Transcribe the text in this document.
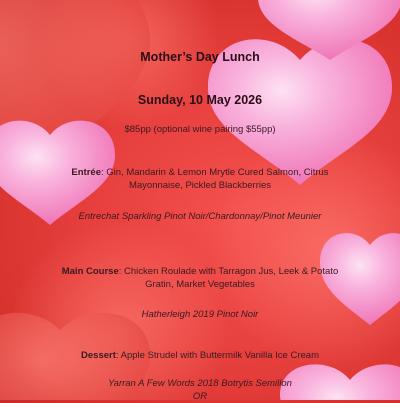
Mother’s Day Lunch

Sunday, 10 May 2026

$85pp (optional wine pairing $55pp)

Entrée: Gin, Mandarin & Lemon Mrytle Cured Salmon, Citrus Mayonnaise, Pickled Blackberries

Entrechat Sparkling Pinot Noir/Chardonnay/Pinot Meunier

Main Course: Chicken Roulade with Tarragon Jus, Leek & Potato Gratin, Market Vegetables

Hatherleigh 2019 Pinot Noir

Dessert: Apple Strudel with Buttermilk Vanilla Ice Cream

Yarran A Few Words 2018 Botrytis Semillon

OR
